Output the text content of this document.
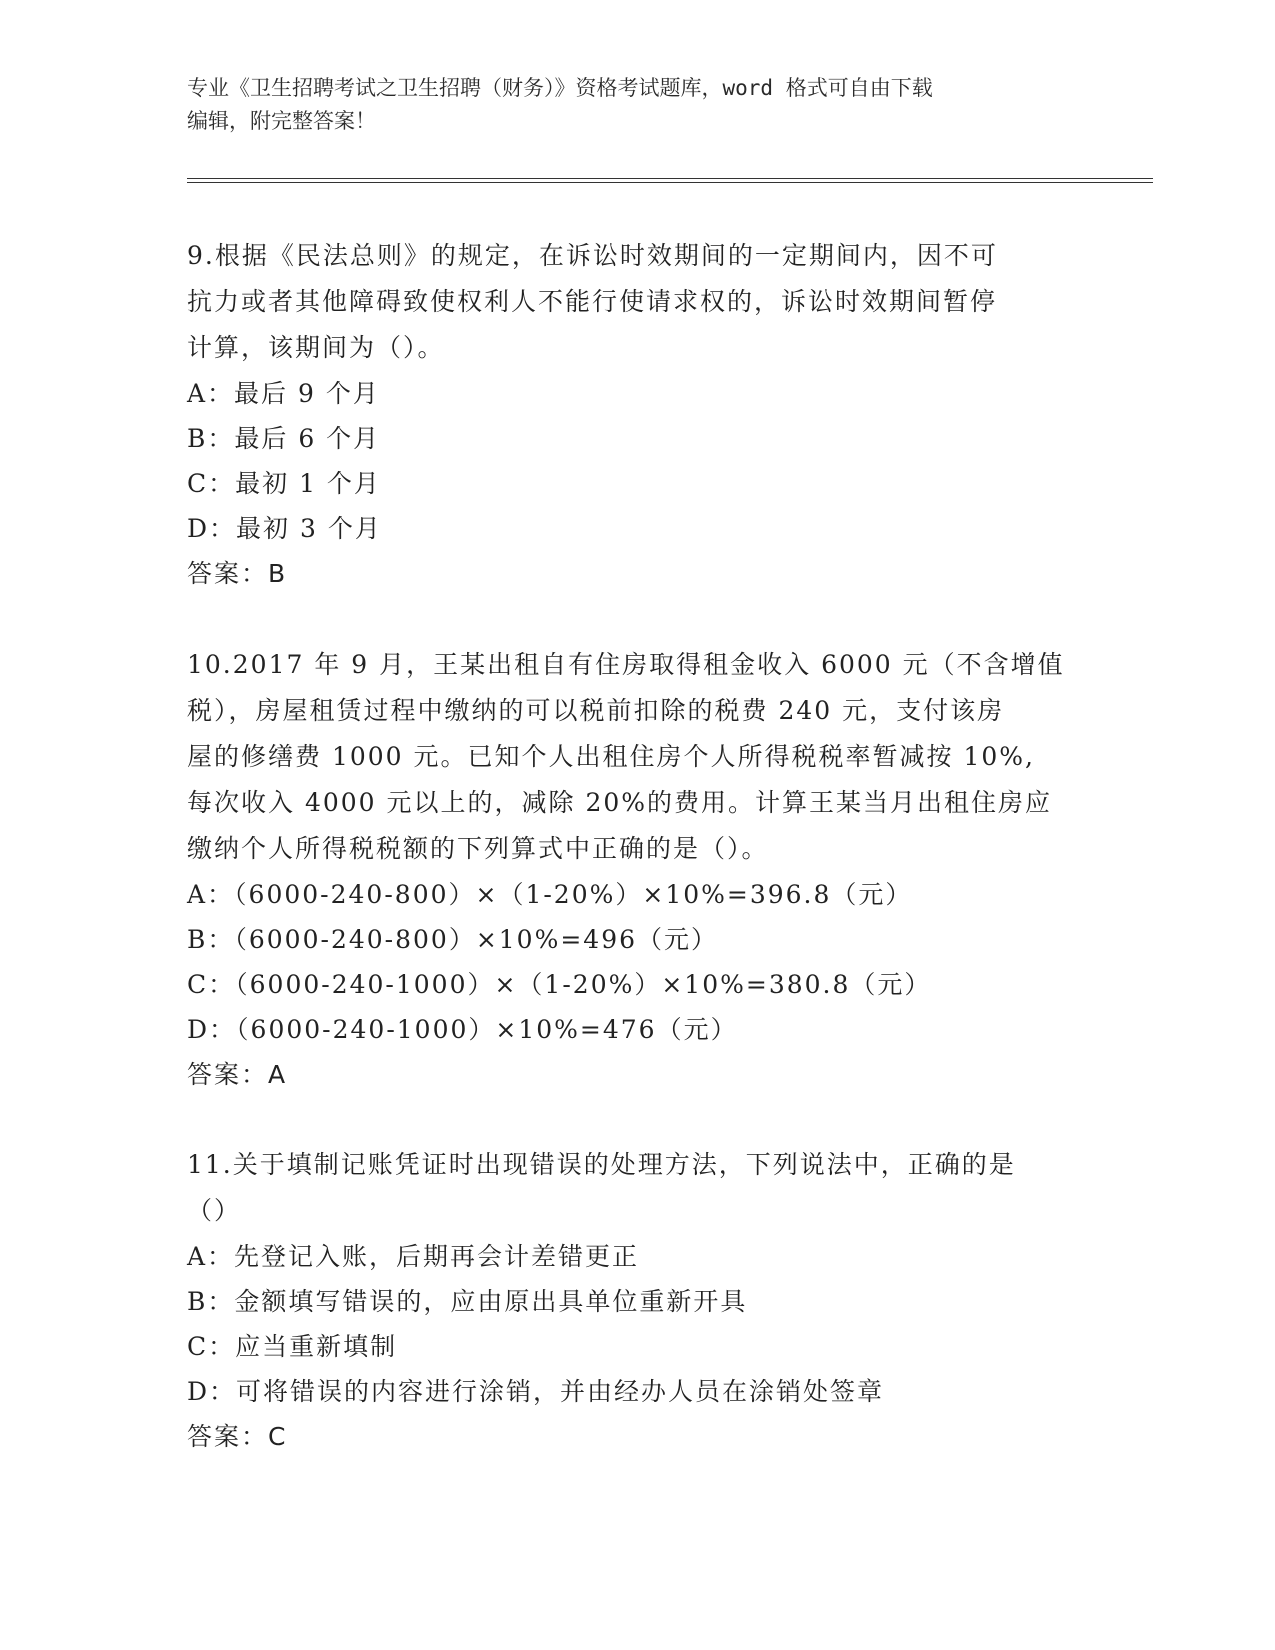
专业《卫生招聘考试之卫生招聘（财务）》资格考试题库，word 格式可自由下载
编辑，附完整答案！
9.根据《民法总则》的规定，在诉讼时效期间的一定期间内，因不可
抗力或者其他障碍致使权利人不能行使请求权的，诉讼时效期间暂停
计算，该期间为（）。
A：最后 9 个月
B：最后 6 个月
C：最初 1 个月
D：最初 3 个月
答案：B
10.2017 年 9 月，王某出租自有住房取得租金收入 6000 元（不含增值
税），房屋租赁过程中缴纳的可以税前扣除的税费 240 元，支付该房
屋的修缮费 1000 元。已知个人出租住房个人所得税税率暂减按 10%,
每次收入 4000 元以上的，减除 20%的费用。计算王某当月出租住房应
缴纳个人所得税税额的下列算式中正确的是（）。
A：（6000-240-800）×（1-20%）×10%=396.8（元）
B：（6000-240-800）×10%=496（元）
C：（6000-240-1000）×（1-20%）×10%=380.8（元）
D：（6000-240-1000）×10%=476（元）
答案：A
11.关于填制记账凭证时出现错误的处理方法，下列说法中，正确的是
（）
A：先登记入账，后期再会计差错更正
B：金额填写错误的，应由原出具单位重新开具
C：应当重新填制
D：可将错误的内容进行涂销，并由经办人员在涂销处签章
答案：C
